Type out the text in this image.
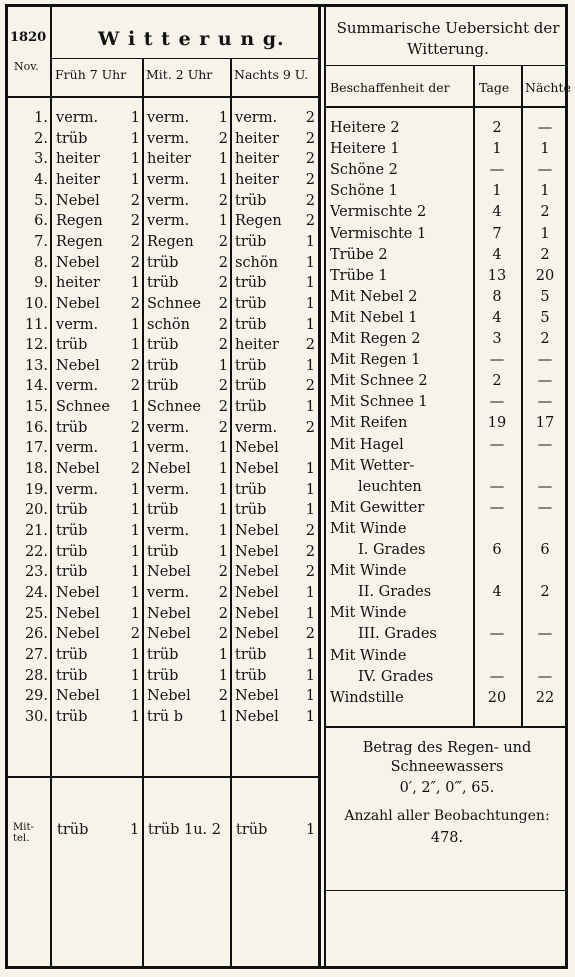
1820
Nov.
W i t t e r u n g.
Früh 7 Uhr Mit. 2 Uhr Nachts 9 U.
1. verm. 1 verm. 1 verm. 2
2. trüb	1 verm. 2 heiter 2
3. heiter 1 heiter 1 heiter 2
4. heiter 1 verm. 1 heiter 2
5. Nebel 2 verm. 2 trüb	2
6. Regen 2 verm. 1 Regen 2
7. Regen 2 Regen 2 trüb	1
8. Nebel 2 trüb	2 schön 1
9. heiter 1 trüb	2 trüb	1
10. Nebel 2 Schnee 2 trüb	1
11. verm. 1 schön 2 trüb	1
12. trüb	1 trüb	2 heiter 2
13. Nebel 2 trüb	1 trüb	1
14. verm. 2 trüb	2 trüb	2
15. Schnee 1 Schnee 2 trüb	1
16. trüb	2 verm. 2 verm. 2
17. verm. 1 verm. 1 Nebel
18. Nebel 2 Nebel 1 Nebel 1
19. verm. 1 verm. 1 trüb	1
20. trüb	1 trüb	1 trüb	1
21. trüb	1 verm. 1 Nebel 2
22. trüb	1 trüb	1 Nebel 2
23. trüb	1 Nebel 2 Nebel 2
24. Nebel 1 verm. 2 Nebel 1
25. Nebel 1 Nebel 2 Nebel 1
26. Nebel 2 Nebel 2 Nebel 2
27. trüb	1 trüb	1 trüb	1
28. trüb	1 trüb	1 trüb	1
29. Nebel 1 Nebel 2 Nebel 1
30. trüb	1 trü b 1 Nebel 1
Mit- tel.
trüb	1 trüb 1u. 2 trüb	1
Summarische Uebersicht der Witterung.
Beschaffenheit der Tage Nächte
Heitere 2	2	—
Heitere 1	1	1
Schöne 2	—	—
Schöne 1	1	1
Vermischte 2	4	2
Vermischte 1	7	1
Trübe 2	4	2
Trübe 1	13	20
Mit Nebel 2	8	5
Mit Nebel 1	4	5
Mit Regen 2	3	2
Mit Regen 1	—	—
Mit Schnee 2	2	—
Mit Schnee 1	—	—
Mit Reifen	19	17
Mit Hagel	—	—
Mit Wetter-
leuchten	—	—
Mit Gewitter	—	—
Mit Winde
I. Grades	6	6
Mit Winde
II. Grades	4	2
Mit Winde
III. Grades	—	—
Mit Winde
IV. Grades	—	—
Windstille	20	22
Betrag des Regen- und
Schneewassers
0′, 2″, 0‴, 65.
Anzahl aller Beobachtungen:
478.
